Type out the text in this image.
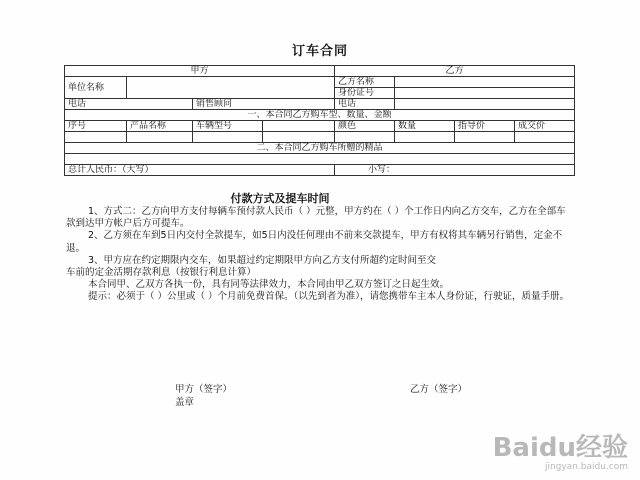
订车合同
甲方				乙方			
单位名称				乙方名称			
				身份证号			
电话		销售顾问		电话			
一、本合同乙方购车型、数量、金额							
序号	产品名称	车辆型号		颜色	数量	指导价	成交价

二、本合同乙方购车所赠的精品							

总计人民币：（大写）				小写：			
付款方式及提车时间

1、方式二：乙方向甲方支付每辆车预付款人民币（ ）元整，甲方约在（ ）个工作日内向乙方交车，乙方在全部车款到达甲方帐户后方可提车。

2、乙方须在车到5日内交付全款提车，如5日内没任何理由不前来交款提车，甲方有权将其车辆另行销售，定金不退。

3、甲方应在约定期限内交车，如果超过约定期限甲方向乙方支付所超约定时间至交

车前的定金活期存款利息（按银行利息计算）

本合同甲、乙双方各执一份，具有同等法律效力，本合同由甲乙双方签订之日起生效。

提示：必须于（ ）公里或（ ）个月前免费首保。（以先到者为准），请您携带车主本人身份证，行驶证，质量手册。

甲方（签字）
盖章
乙方（签字）
Baidu经验
jingyan.baidu.com
